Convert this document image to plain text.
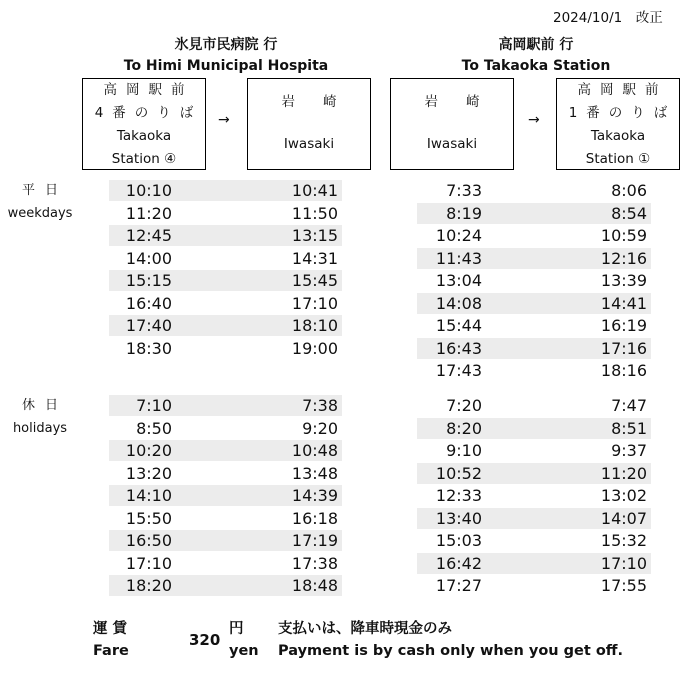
2024/10/1　改正
氷見市民病院 行
To Himi Municipal Hospita
高岡駅前 行
To Takaoka Station
高岡駅前
4番のりば
Takaoka
Station ④
→
岩崎
Iwasaki
岩崎
Iwasaki
→
高岡駅前
1番のりば
Takaoka
Station ①
平日
weekdays
休日
holidays
10:10	10:41
11:20	11:50
12:45	13:15
14:00	14:31
15:15	15:45
16:40	17:10
17:40	18:10
18:30	19:00
7:33	8:06
8:19	8:54
10:24	10:59
11:43	12:16
13:04	13:39
14:08	14:41
15:44	16:19
16:43	17:16
17:43	18:16
7:10	7:38
8:50	9:20
10:20	10:48
13:20	13:48
14:10	14:39
15:50	16:18
16:50	17:19
17:10	17:38
18:20	18:48
7:20	7:47
8:20	8:51
9:10	9:37
10:52	11:20
12:33	13:02
13:40	14:07
15:03	15:32
16:42	17:10
17:27	17:55
運 賃
Fare
320
円
yen
支払いは、降車時現金のみ
Payment is by cash only when you get off.
